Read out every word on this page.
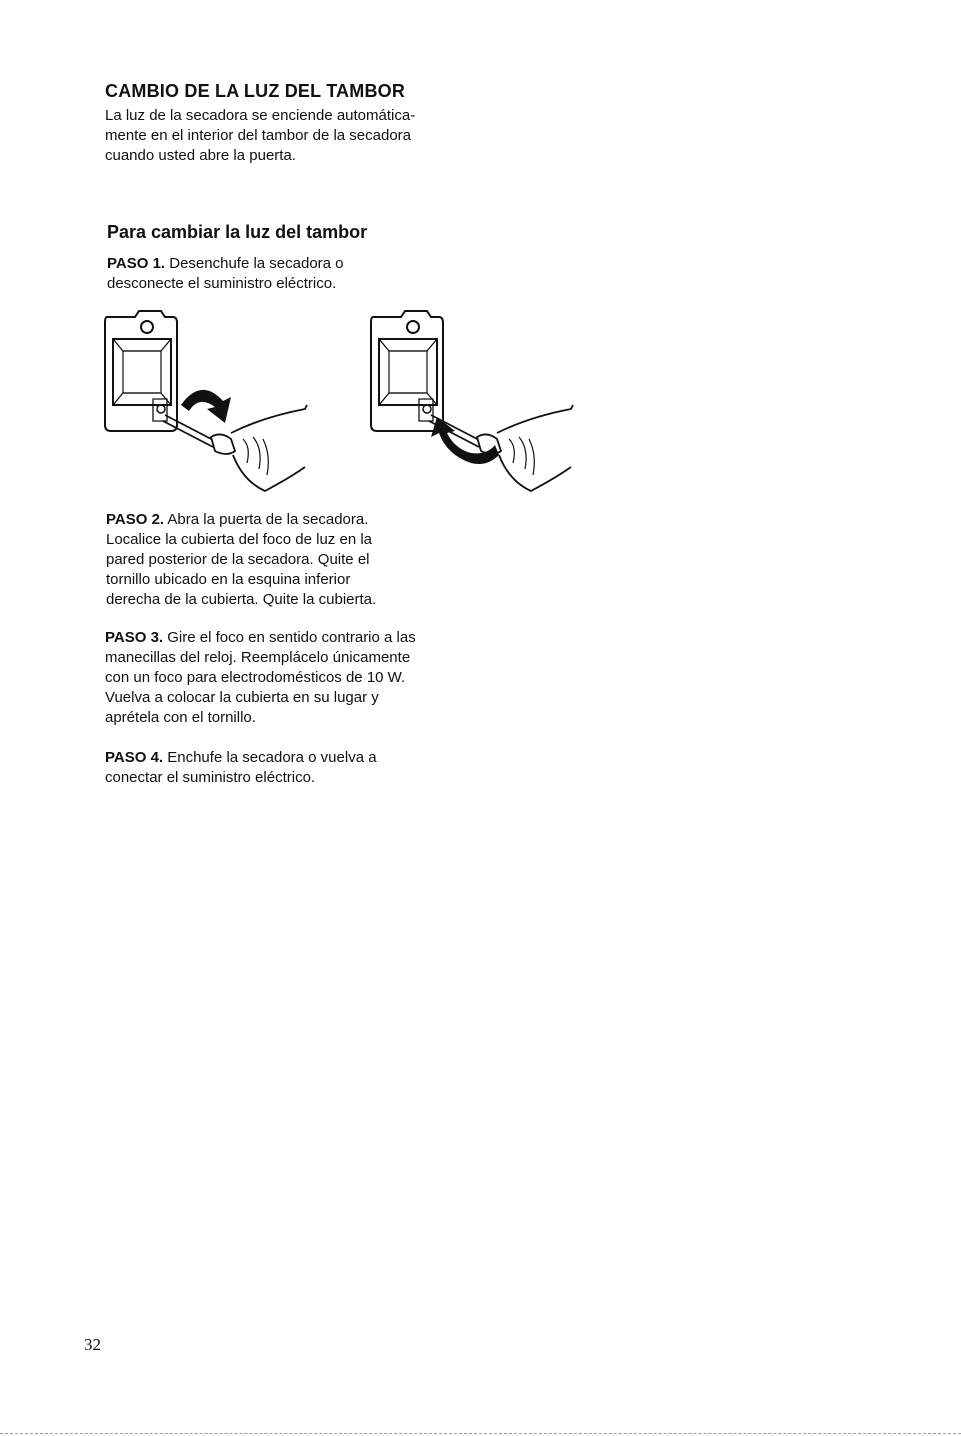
CAMBIO DE LA LUZ DEL TAMBOR

La luz de la secadora se enciende automática-
mente en el interior del tambor de la secadora
cuando usted abre la puerta.

Para cambiar la luz del tambor

PASO 1. Desenchufe la secadora o
desconecte el suministro eléctrico.

PASO 2. Abra la puerta de la secadora.
Localice la cubierta del foco de luz en la
pared posterior de la secadora. Quite el
tornillo ubicado en la esquina inferior
derecha de la cubierta. Quite la cubierta.

PASO 3. Gire el foco en sentido contrario a las
manecillas del reloj. Reemplácelo únicamente
con un foco para electrodomésticos de 10 W.
Vuelva a colocar la cubierta en su lugar y
aprétela con el tornillo.

PASO 4. Enchufe la secadora o vuelva a
conectar el suministro eléctrico.

32
